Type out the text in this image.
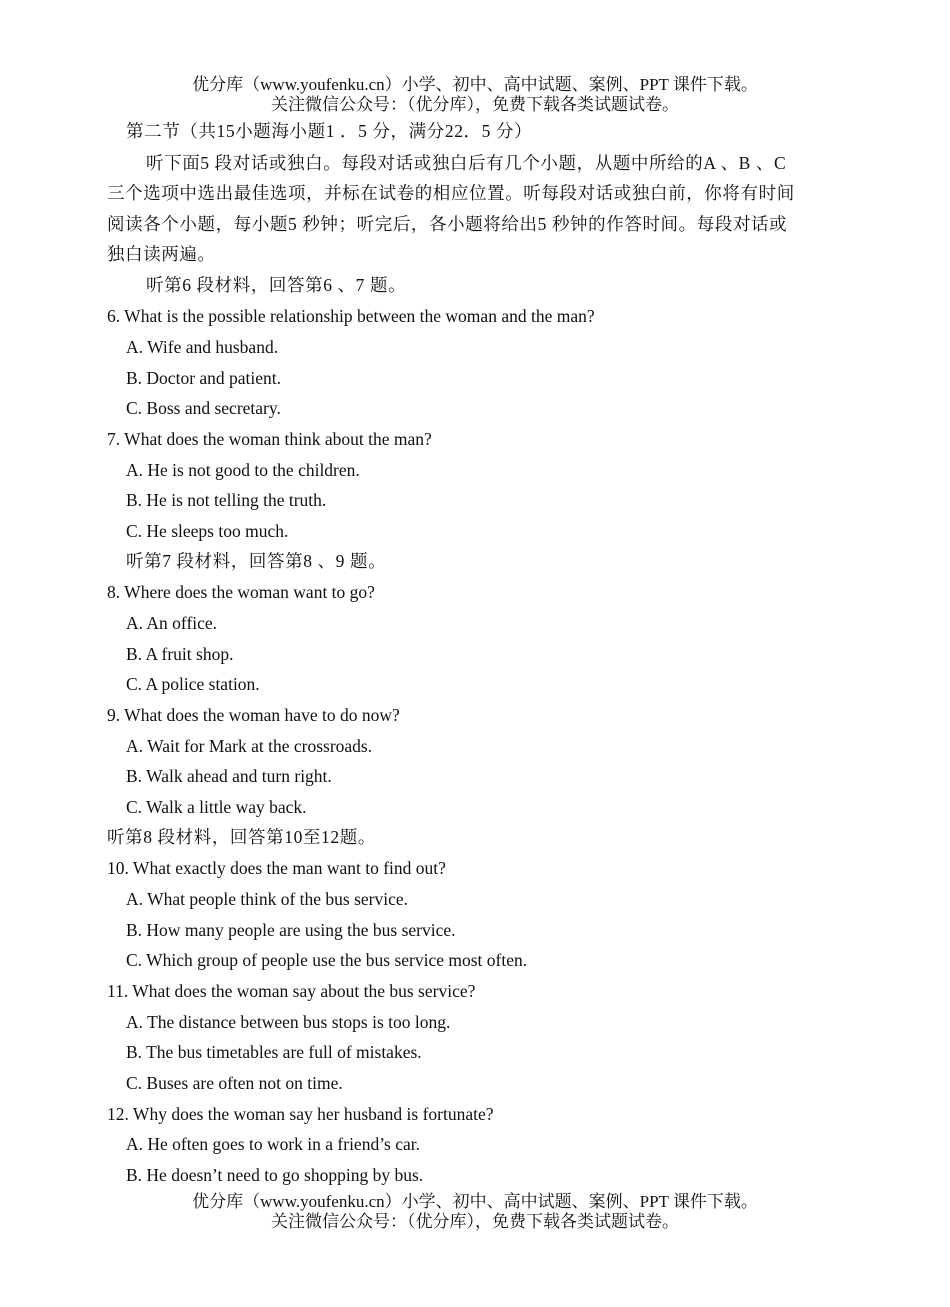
优分库（www.youfenku.cn）小学、初中、高中试题、案例、PPT 课件下载。
关注微信公众号：（优分库），免费下载各类试题试卷。
第二节（共15小题海小题1 ．5 分，满分22．5 分）
听下面5 段对话或独白。每段对话或独白后有几个小题，从题中所给的A 、B 、C
三个选项中选出最佳选项，并标在试卷的相应位置。听每段对话或独白前，你将有时间
阅读各个小题，每小题5 秒钟；听完后，各小题将给出5 秒钟的作答时间。每段对话或
独白读两遍。
听第6 段材料，回答第6 、7 题。
6. What is the possible relationship between the woman and the man?
A. Wife and husband.
B. Doctor and patient.
C. Boss and secretary.
7. What does the woman think about the man?
A. He is not good to the children.
B. He is not telling the truth.
C. He sleeps too much.
听第7 段材料，回答第8 、9 题。
8. Where does the woman want to go?
A. An office.
B. A fruit shop.
C. A police station.
9. What does the woman have to do now?
A. Wait for Mark at the crossroads.
B. Walk ahead and turn right.
C. Walk a little way back.
听第8 段材料，回答第10至12题。
10. What exactly does the man want to find out?
A. What people think of the bus service.
B. How many people are using the bus service.
C. Which group of people use the bus service most often.
11. What does the woman say about the bus service?
A. The distance between bus stops is too long.
B. The bus timetables are full of mistakes.
C. Buses are often not on time.
12. Why does the woman say her husband is fortunate?
A. He often goes to work in a friend’s car.
B. He doesn’t need to go shopping by bus.
优分库（www.youfenku.cn）小学、初中、高中试题、案例、PPT 课件下载。
关注微信公众号：（优分库），免费下载各类试题试卷。
